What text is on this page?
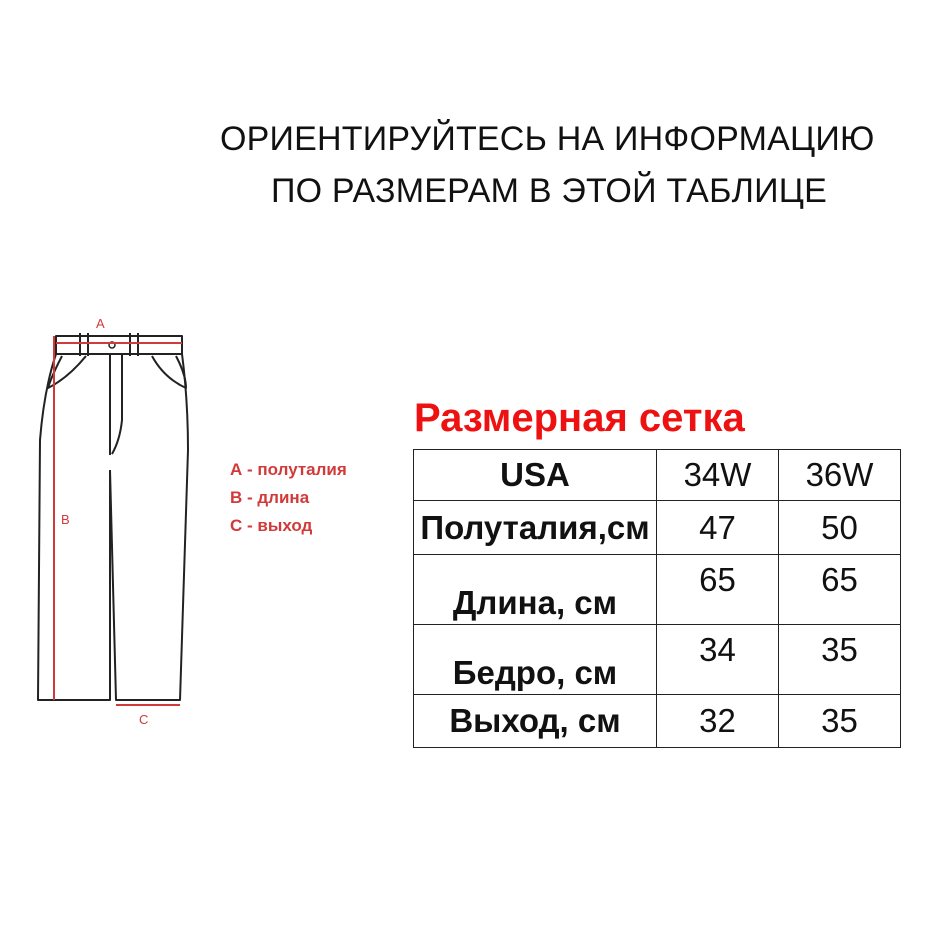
ОРИЕНТИРУЙТЕСЬ НА ИНФОРМАЦИЮ
ПО РАЗМЕРАМ В ЭТОЙ ТАБЛИЦЕ
A
B
C
А - полуталия
В - длина
С - выход
Размерная сетка
USA	34W	36W
Полуталия,см	47	50
Длина, см	65	65
Бедро, см	34	35
Выход, см	32	35
